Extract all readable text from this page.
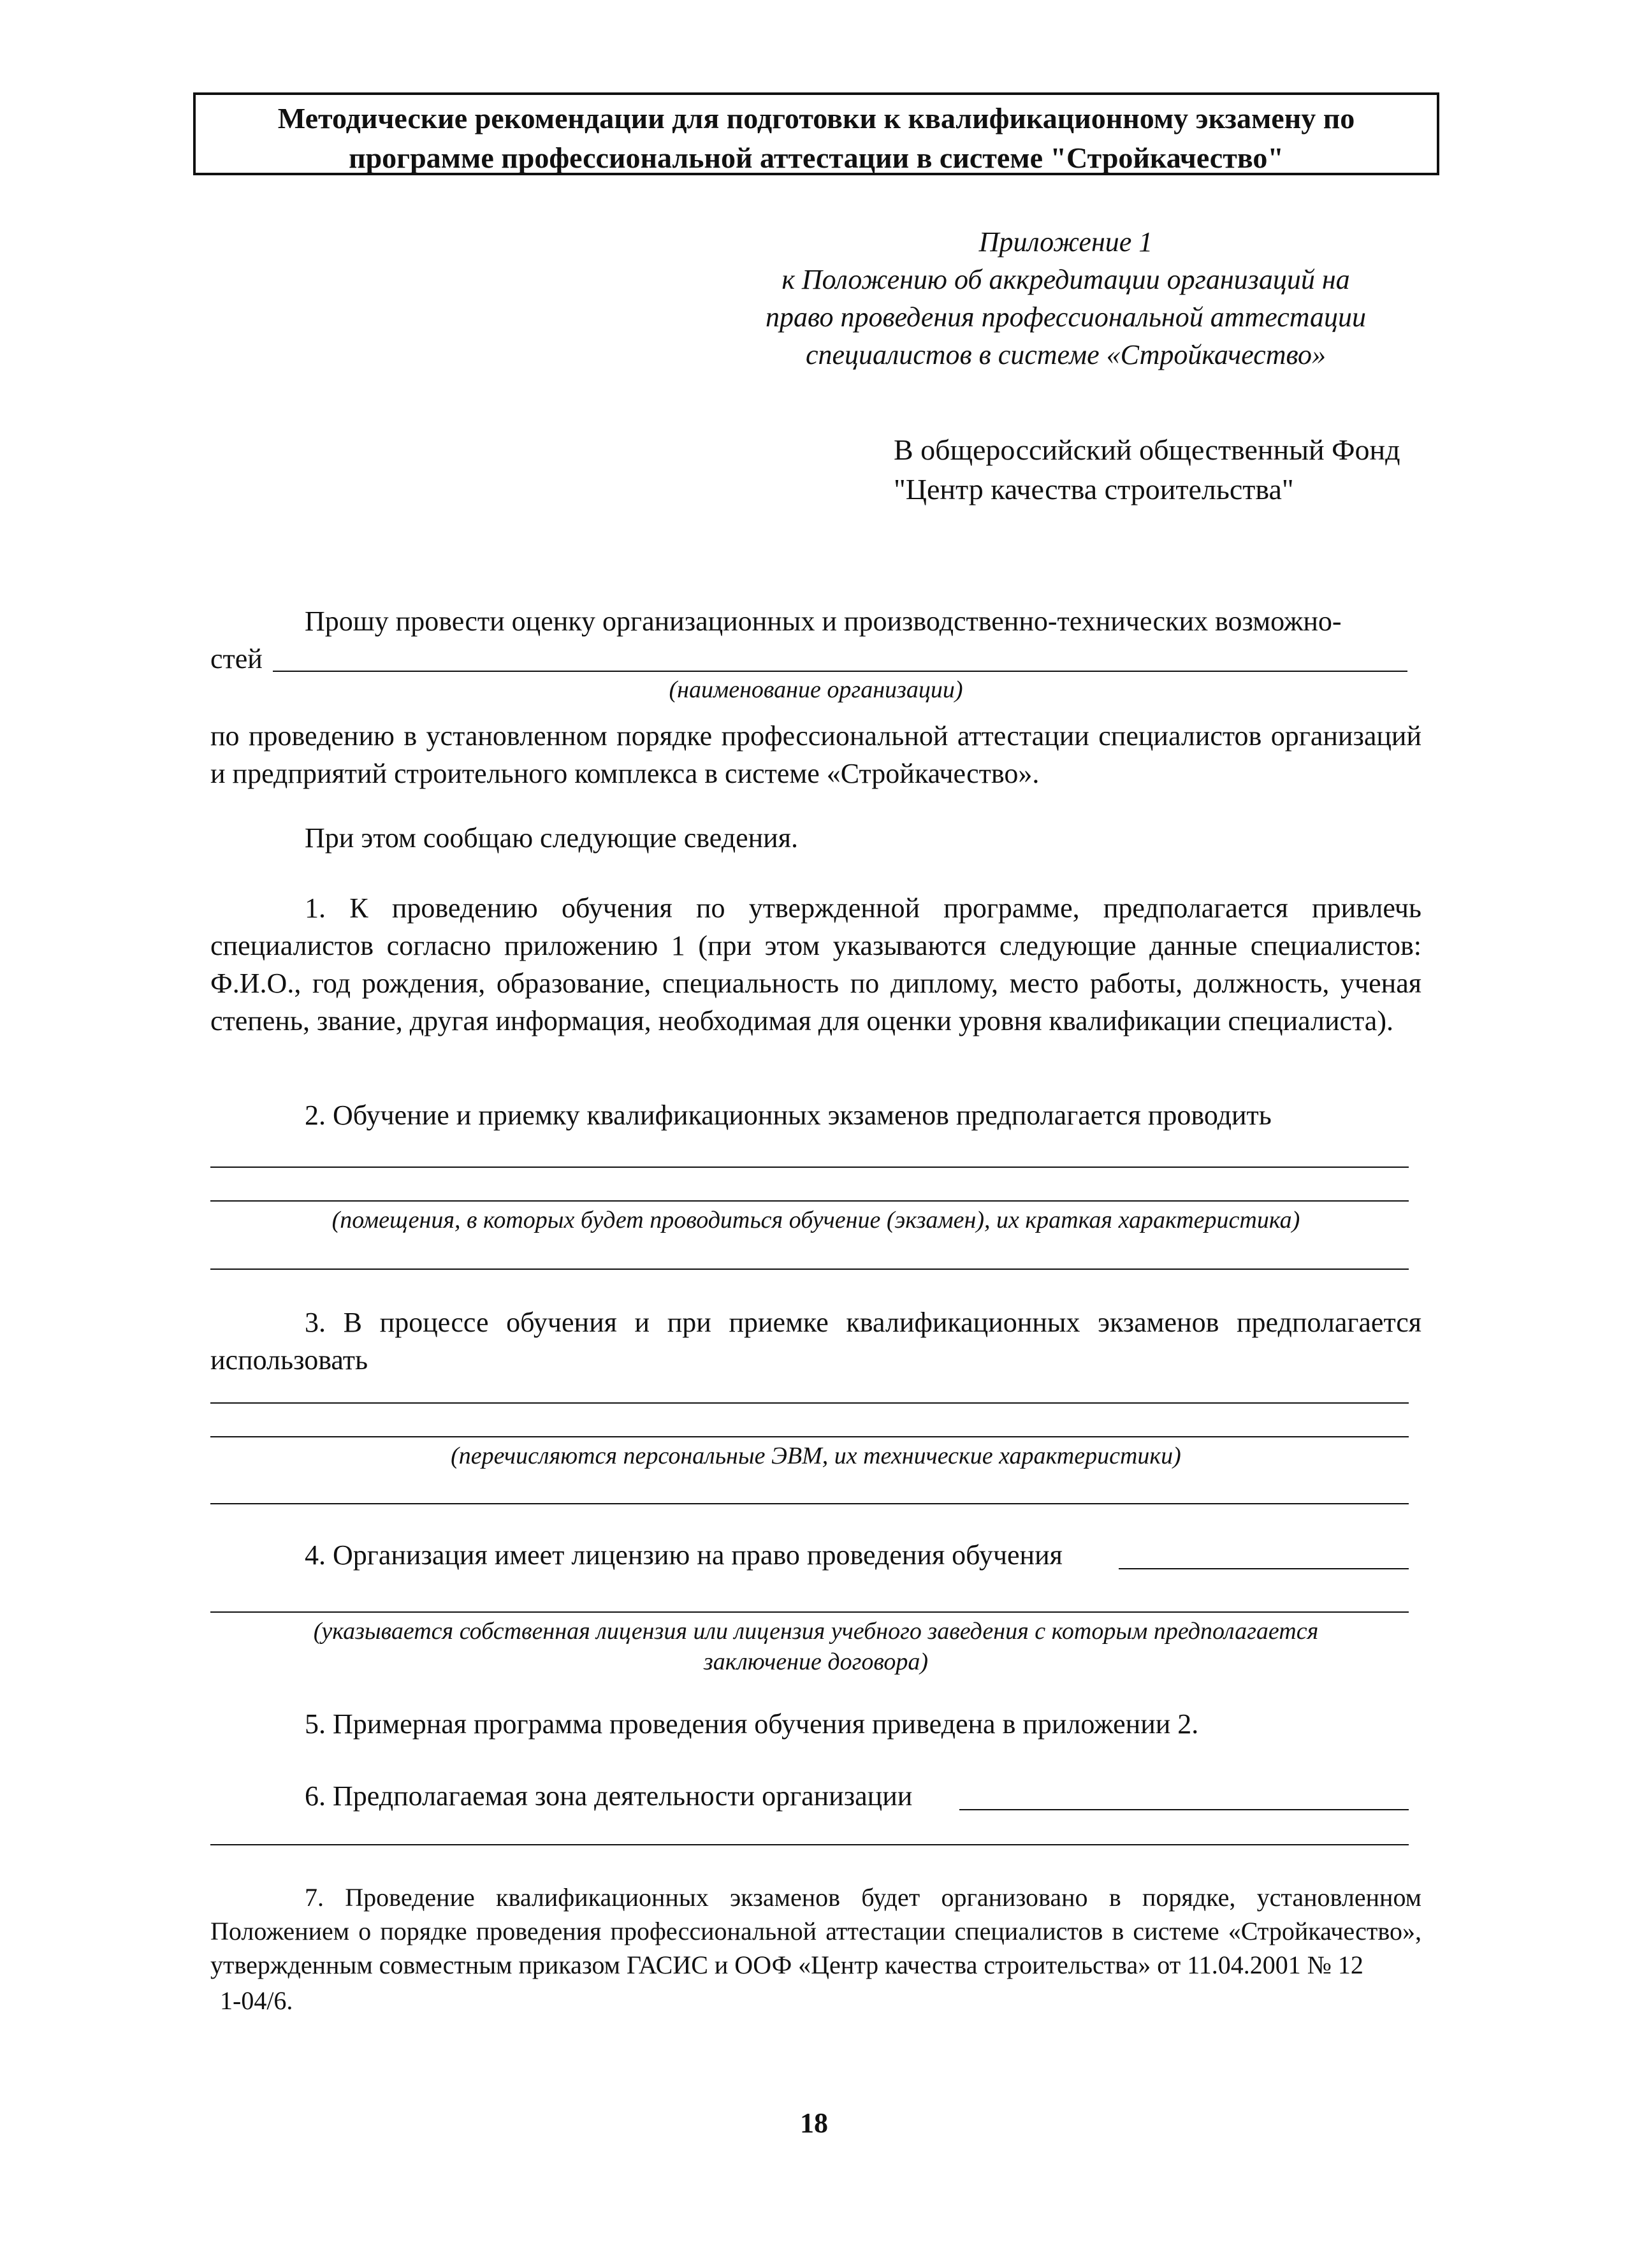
Методические рекомендации для подготовки к квалификационному экзамену по
программе профессиональной аттестации в системе "Стройкачество"
Приложение 1
к Положению об аккредитации организаций на
право проведения профессиональной аттестации
специалистов в системе «Стройкачество»
В общероссийский общественный Фонд
"Центр качества строительства"
Прошу провести оценку организационных и производственно-технических возможно-
стей
(наименование организации)
по проведению в установленном порядке профессиональной аттестации специалистов организаций и предприятий строительного комплекса в системе «Стройкачество».
При этом сообщаю следующие сведения.
1. К проведению обучения по утвержденной программе, предполагается привлечь специалистов согласно приложению 1 (при этом указываются следующие данные специалистов: Ф.И.О., год рождения, образование, специальность по диплому, место работы, должность, ученая степень, звание, другая информация, необходимая для оценки уровня квалификации специалиста).
2. Обучение и приемку квалификационных экзаменов предполагается проводить
(помещения, в которых будет проводиться обучение (экзамен), их краткая характеристика)
3. В процессе обучения и при приемке квалификационных экзаменов предполагается использовать
(перечисляются персональные ЭВМ, их технические характеристики)
4. Организация имеет лицензию на право проведения обучения
(указывается собственная лицензия или лицензия учебного заведения с которым предполагается
заключение договора)
5. Примерная программа проведения обучения приведена в приложении 2.
6. Предполагаемая зона деятельности организации
7. Проведение квалификационных экзаменов будет организовано в порядке, установленном Положением о порядке проведения профессиональной аттестации специалистов в системе «Стройкачество», утвержденным совместным приказом ГАСИС и ООФ «Центр качества строительства» от 11.04.2001 № 12
1-04/6.
18
